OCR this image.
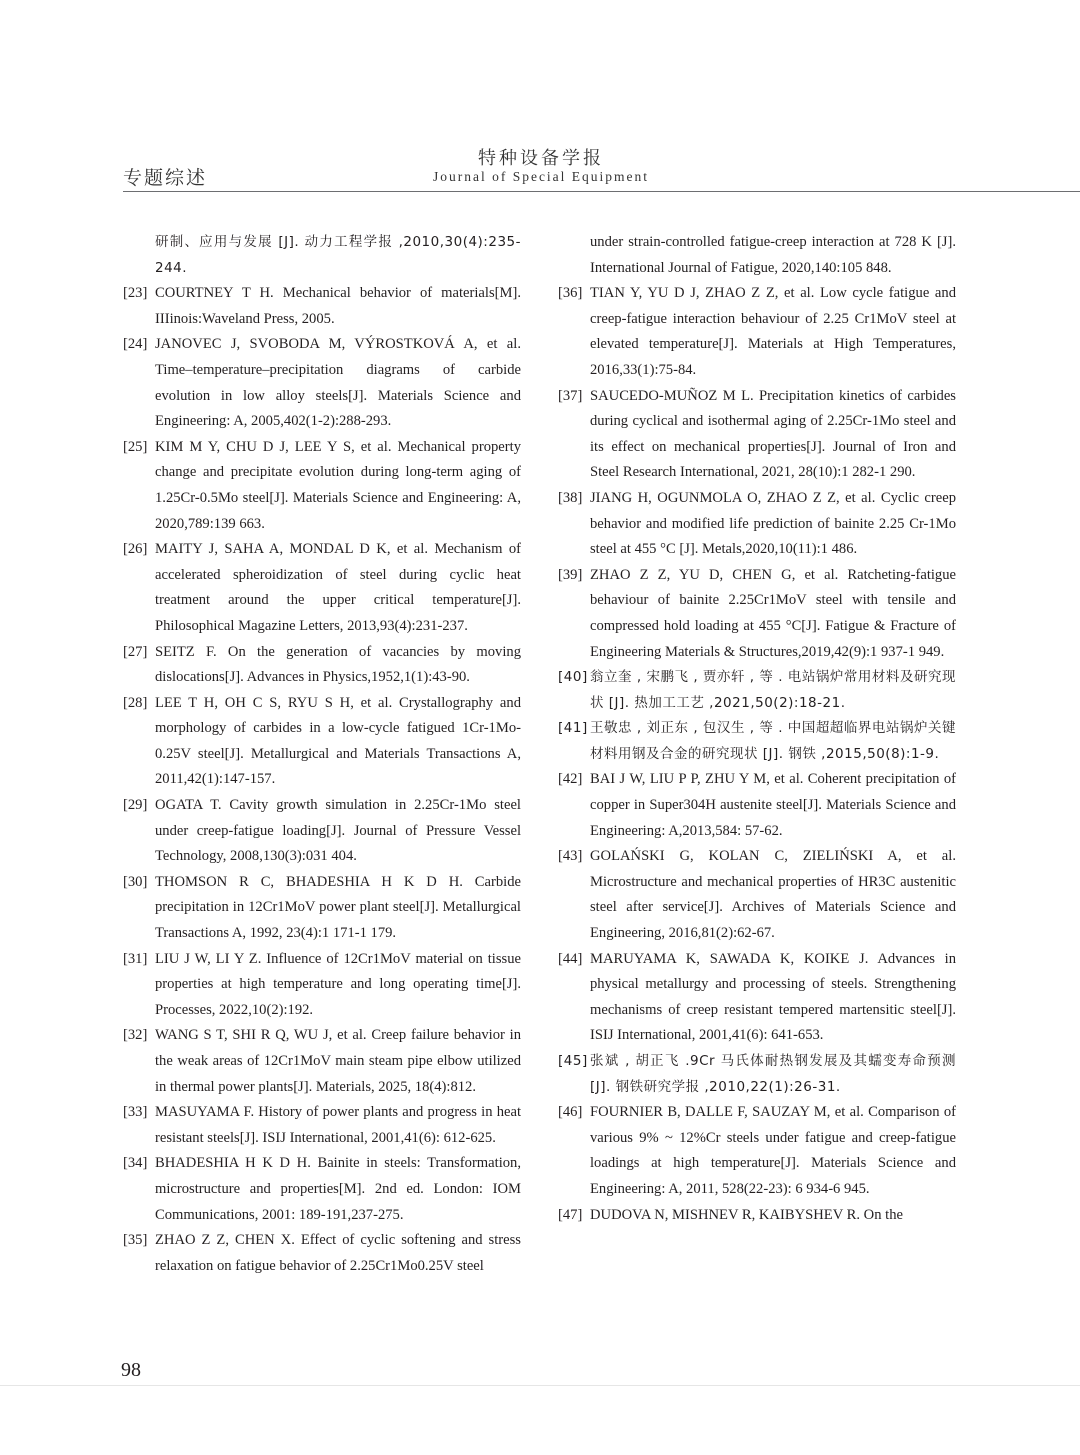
专题综述
特种设备学报
Journal of Special Equipment

研制、应用与发展 [J]. 动力工程学报 ,2010,30(4):235-244.

[23] COURTNEY T H. Mechanical behavior of materials[M]. IIIinois:Waveland Press, 2005.

[24] JANOVEC J, SVOBODA M, VÝROSTKOVÁ A, et al. Time–temperature–precipitation diagrams of carbide evolution in low alloy steels[J]. Materials Science and Engineering: A, 2005,402(1-2):288-293.

[25] KIM M Y, CHU D J, LEE Y S, et al. Mechanical property change and precipitate evolution during long-term aging of 1.25Cr-0.5Mo steel[J]. Materials Science and Engineering: A, 2020,789:139 663.

[26] MAITY J, SAHA A, MONDAL D K, et al. Mechanism of accelerated spheroidization of steel during cyclic heat treatment around the upper critical temperature[J]. Philosophical Magazine Letters, 2013,93(4):231-237.

[27] SEITZ F. On the generation of vacancies by moving dislocations[J]. Advances in Physics,1952,1(1):43-90.

[28] LEE T H, OH C S, RYU S H, et al. Crystallography and morphology of carbides in a low-cycle fatigued 1Cr-1Mo-0.25V steel[J]. Metallurgical and Materials Transactions A, 2011,42(1):147-157.

[29] OGATA T. Cavity growth simulation in 2.25Cr-1Mo steel under creep-fatigue loading[J]. Journal of Pressure Vessel Technology, 2008,130(3):031 404.

[30] THOMSON R C, BHADESHIA H K D H. Carbide precipitation in 12Cr1MoV power plant steel[J]. Metallurgical Transactions A, 1992, 23(4):1 171-1 179.

[31] LIU J W, LI Y Z. Influence of 12Cr1MoV material on tissue properties at high temperature and long operating time[J]. Processes, 2022,10(2):192.

[32] WANG S T, SHI R Q, WU J, et al. Creep failure behavior in the weak areas of 12Cr1MoV main steam pipe elbow utilized in thermal power plants[J]. Materials, 2025, 18(4):812.

[33] MASUYAMA F. History of power plants and progress in heat resistant steels[J]. ISIJ International, 2001,41(6): 612-625.

[34] BHADESHIA H K D H. Bainite in steels: Transformation, microstructure and properties[M]. 2nd ed. London: IOM Communications, 2001: 189-191,237-275.

[35] ZHAO Z Z, CHEN X. Effect of cyclic softening and stress relaxation on fatigue behavior of 2.25Cr1Mo0.25V steel

under strain-controlled fatigue-creep interaction at 728 K [J]. International Journal of Fatigue, 2020,140:105 848.

[36] TIAN Y, YU D J, ZHAO Z Z, et al. Low cycle fatigue and creep-fatigue interaction behaviour of 2.25 Cr1MoV steel at elevated temperature[J]. Materials at High Temperatures, 2016,33(1):75-84.

[37] SAUCEDO-MUÑOZ M L. Precipitation kinetics of carbides during cyclical and isothermal aging of 2.25Cr-1Mo steel and its effect on mechanical properties[J]. Journal of Iron and Steel Research International, 2021, 28(10):1 282-1 290.

[38] JIANG H, OGUNMOLA O, ZHAO Z Z, et al. Cyclic creep behavior and modified life prediction of bainite 2.25 Cr-1Mo steel at 455 °C [J]. Metals,2020,10(11):1 486.

[39] ZHAO Z Z, YU D, CHEN G, et al. Ratcheting-fatigue behaviour of bainite 2.25Cr1MoV steel with tensile and compressed hold loading at 455 °C[J]. Fatigue & Fracture of Engineering Materials & Structures,2019,42(9):1 937-1 949.

[40] 翁立奎 , 宋鹏飞 , 贾亦轩 , 等 . 电站锅炉常用材料及研究现状 [J]. 热加工工艺 ,2021,50(2):18-21.

[41] 王敬忠 , 刘正东 , 包汉生 , 等 . 中国超超临界电站锅炉关键材料用钢及合金的研究现状 [J]. 钢铁 ,2015,50(8):1-9.

[42] BAI J W, LIU P P, ZHU Y M, et al. Coherent precipitation of copper in Super304H austenite steel[J]. Materials Science and Engineering: A,2013,584: 57-62.

[43] GOLAŃSKI G, KOLAN C, ZIELIŃSKI A, et al. Microstructure and mechanical properties of HR3C austenitic steel after service[J]. Archives of Materials Science and Engineering, 2016,81(2):62-67.

[44] MARUYAMA K, SAWADA K, KOIKE J. Advances in physical metallurgy and processing of steels. Strengthening mechanisms of creep resistant tempered martensitic steel[J]. ISIJ International, 2001,41(6): 641-653.

[45] 张斌 , 胡正飞 .9Cr 马氏体耐热钢发展及其蠕变寿命预测 [J]. 钢铁研究学报 ,2010,22(1):26-31.

[46] FOURNIER B, DALLE F, SAUZAY M, et al. Comparison of various 9% ~ 12%Cr steels under fatigue and creep-fatigue loadings at high temperature[J]. Materials Science and Engineering: A, 2011, 528(22-23): 6 934-6 945.

[47] DUDOVA N, MISHNEV R, KAIBYSHEV R. On the

98
